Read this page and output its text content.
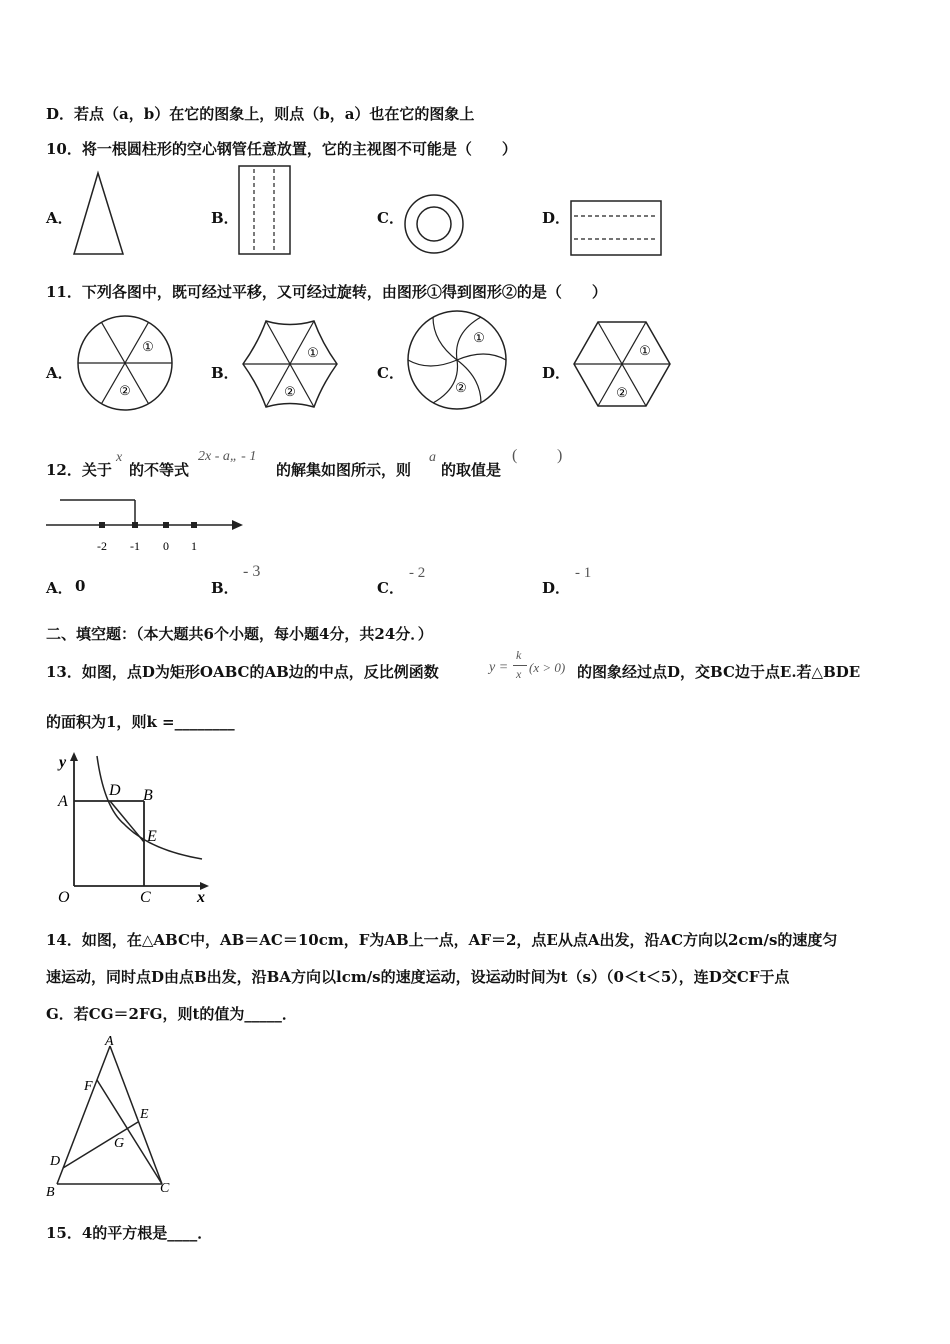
D．若点（a，b）在它的图象上，则点（b，a）也在它的图象上
10．将一根圆柱形的空心钢管任意放置，它的主视图不可能是（　　）
A．	B．	C．	D．
11．下列各图中，既可经过平移，又可经过旋转，由图形①得到图形②的是（　　）
A．	B．	C．	D．
①
②
①
②
①
②
①
②
12．关于
x
的不等式
2x - a„ - 1
的解集如图所示，则
a
的取值是
( )
-2 -1 0 1
A． 0	B．
- 3
C．
- 2
D．
- 1
二、填空题：（本大题共6个小题，每小题4分，共24分．）
13．如图，点D为矩形OABC的AB边的中点，反比例函数	y =
k
x (x > 0) 的图象经过点D，交BC边于点E.若△BDE
的面积为1，则k =________
y
A
D B
E
O	C	x
14．如图，在△ABC中，AB＝AC＝10cm，F为AB上一点，AF＝2，点E从点A出发，沿AC方向以2cm/s的速度匀
速运动，同时点D由点B出发，沿BA方向以lcm/s的速度运动，设运动时间为t（s）（0＜t＜5），连D交CF于点
G．若CG＝2FG，则t的值为_____．
A
F
E
G
D
B	C
15．4的平方根是____．
